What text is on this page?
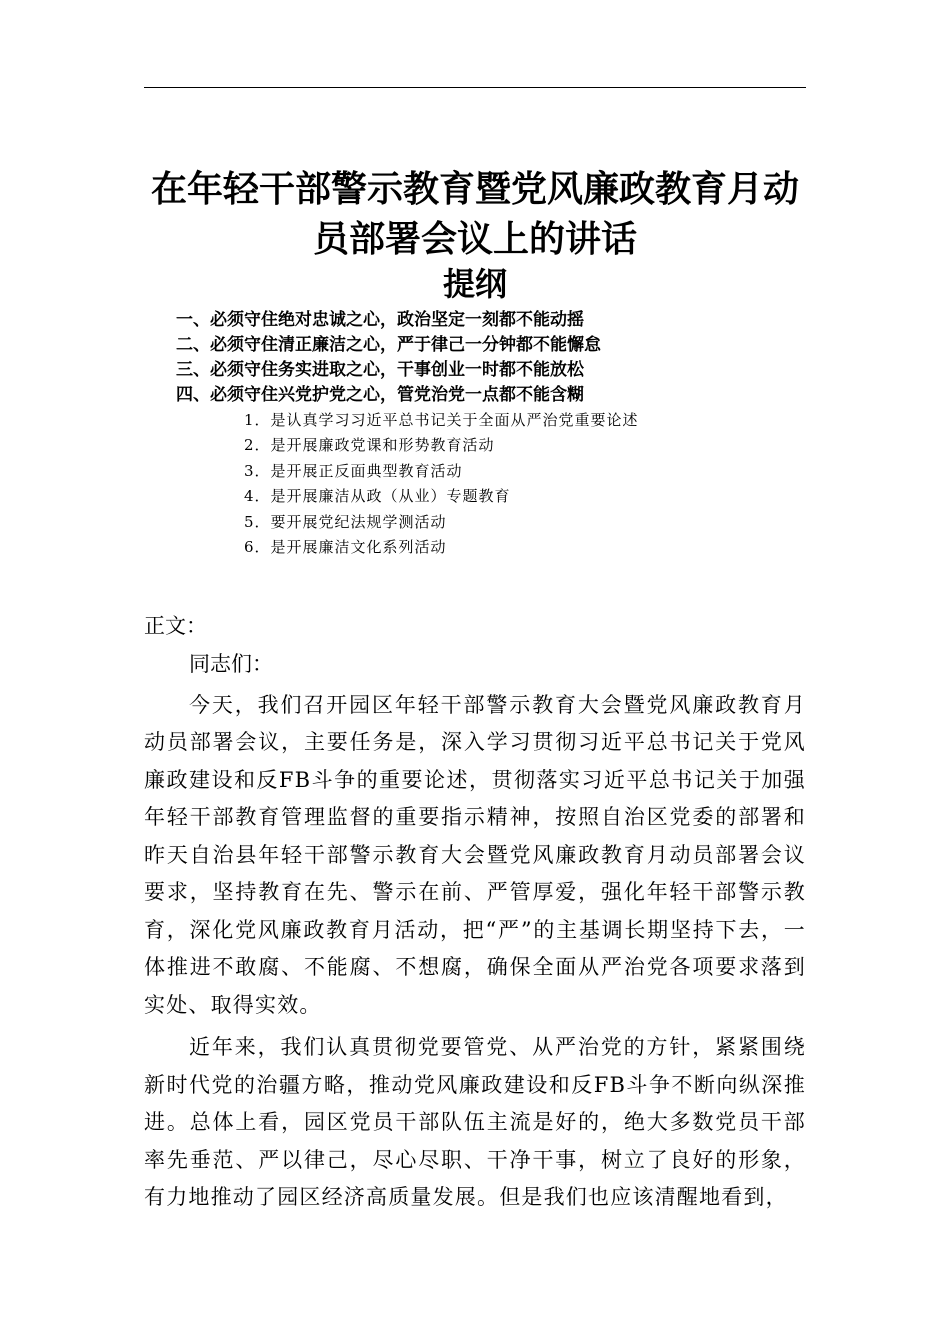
在年轻干部警示教育暨党风廉政教育月动
员部署会议上的讲话
提纲
一、必须守住绝对忠诚之心，政治坚定一刻都不能动摇
二、必须守住清正廉洁之心，严于律己一分钟都不能懈怠
三、必须守住务实进取之心，干事创业一时都不能放松
四、必须守住兴党护党之心，管党治党一点都不能含糊
1．是认真学习习近平总书记关于全面从严治党重要论述
2．是开展廉政党课和形势教育活动
3．是开展正反面典型教育活动
4．是开展廉洁从政（从业）专题教育
5．要开展党纪法规学测活动
6．是开展廉洁文化系列活动

正文：

同志们：

今天，我们召开园区年轻干部警示教育大会暨党风廉政教育月动员部署会议，主要任务是，深入学习贯彻习近平总书记关于党风廉政建设和反FB斗争的重要论述，贯彻落实习近平总书记关于加强年轻干部教育管理监督的重要指示精神，按照自治区党委的部署和昨天自治县年轻干部警示教育大会暨党风廉政教育月动员部署会议要求，坚持教育在先、警示在前、严管厚爱，强化年轻干部警示教育，深化党风廉政教育月活动，把“严”的主基调长期坚持下去，一体推进不敢腐、不能腐、不想腐，确保全面从严治党各项要求落到实处、取得实效。

近年来，我们认真贯彻党要管党、从严治党的方针，紧紧围绕新时代党的治疆方略，推动党风廉政建设和反FB斗争不断向纵深推进。总体上看，园区党员干部队伍主流是好的，绝大多数党员干部率先垂范、严以律己，尽心尽职、干净干事，树立了良好的形象，有力地推动了园区经济高质量发展。但是我们也应该清醒地看到，
